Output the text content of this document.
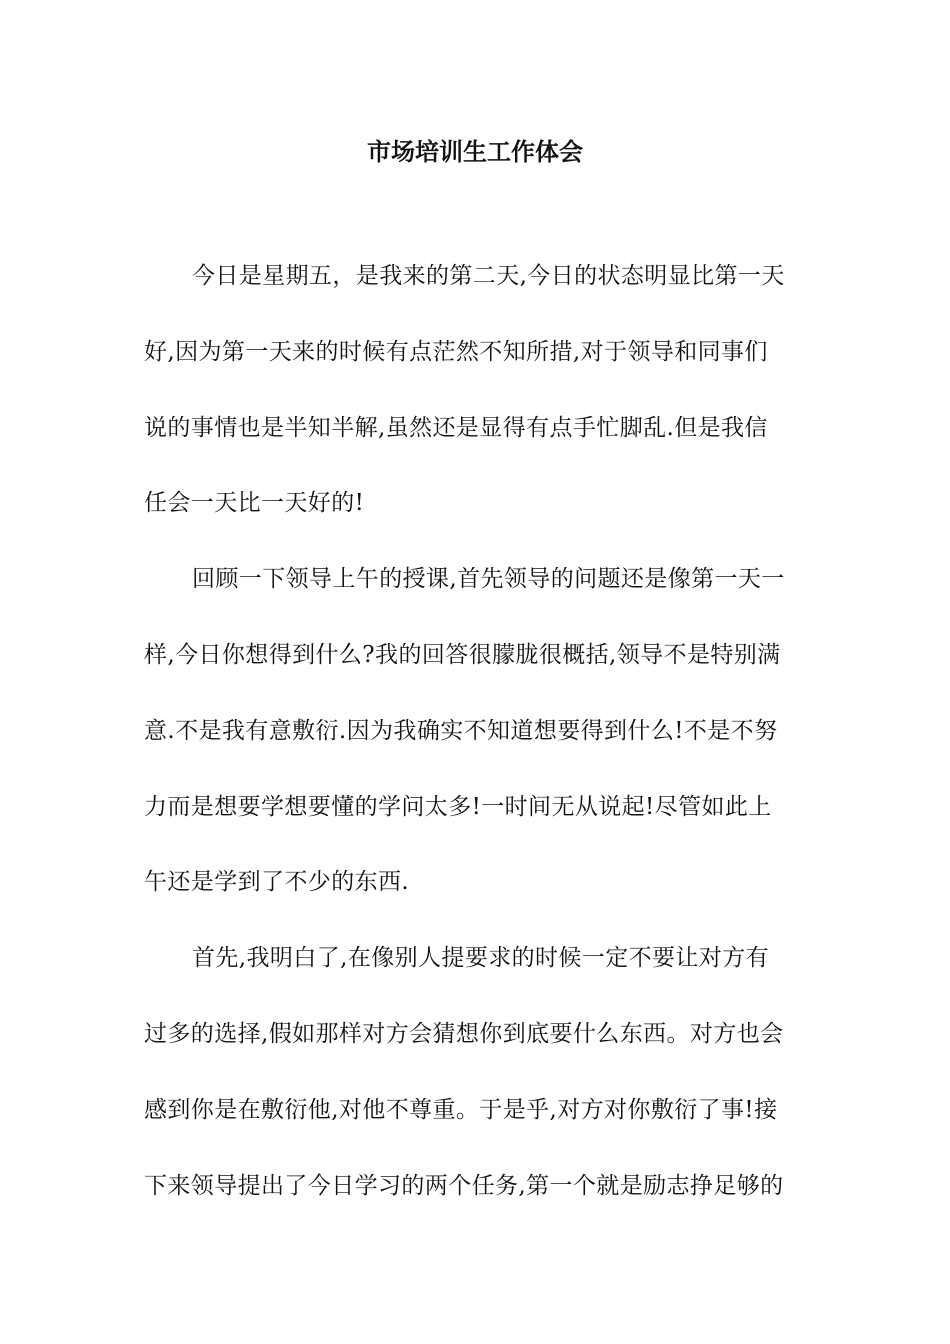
市场培训生工作体会
今日是星期五，是我来的第二天,今日的状态明显比第一天
好,因为第一天来的时候有点茫然不知所措,对于领导和同事们
说的事情也是半知半解,虽然还是显得有点手忙脚乱.但是我信
任会一天比一天好的!
回顾一下领导上午的授课,首先领导的问题还是像第一天一
样,今日你想得到什么?我的回答很朦胧很概括,领导不是特别满
意.不是我有意敷衍.因为我确实不知道想要得到什么!不是不努
力而是想要学想要懂的学问太多!一时间无从说起!尽管如此上
午还是学到了不少的东西.
首先,我明白了,在像别人提要求的时候一定不要让对方有
过多的选择,假如那样对方会猜想你到底要什么东西。对方也会
感到你是在敷衍他,对他不尊重。于是乎,对方对你敷衍了事!接
下来领导提出了今日学习的两个任务,第一个就是励志挣足够的
